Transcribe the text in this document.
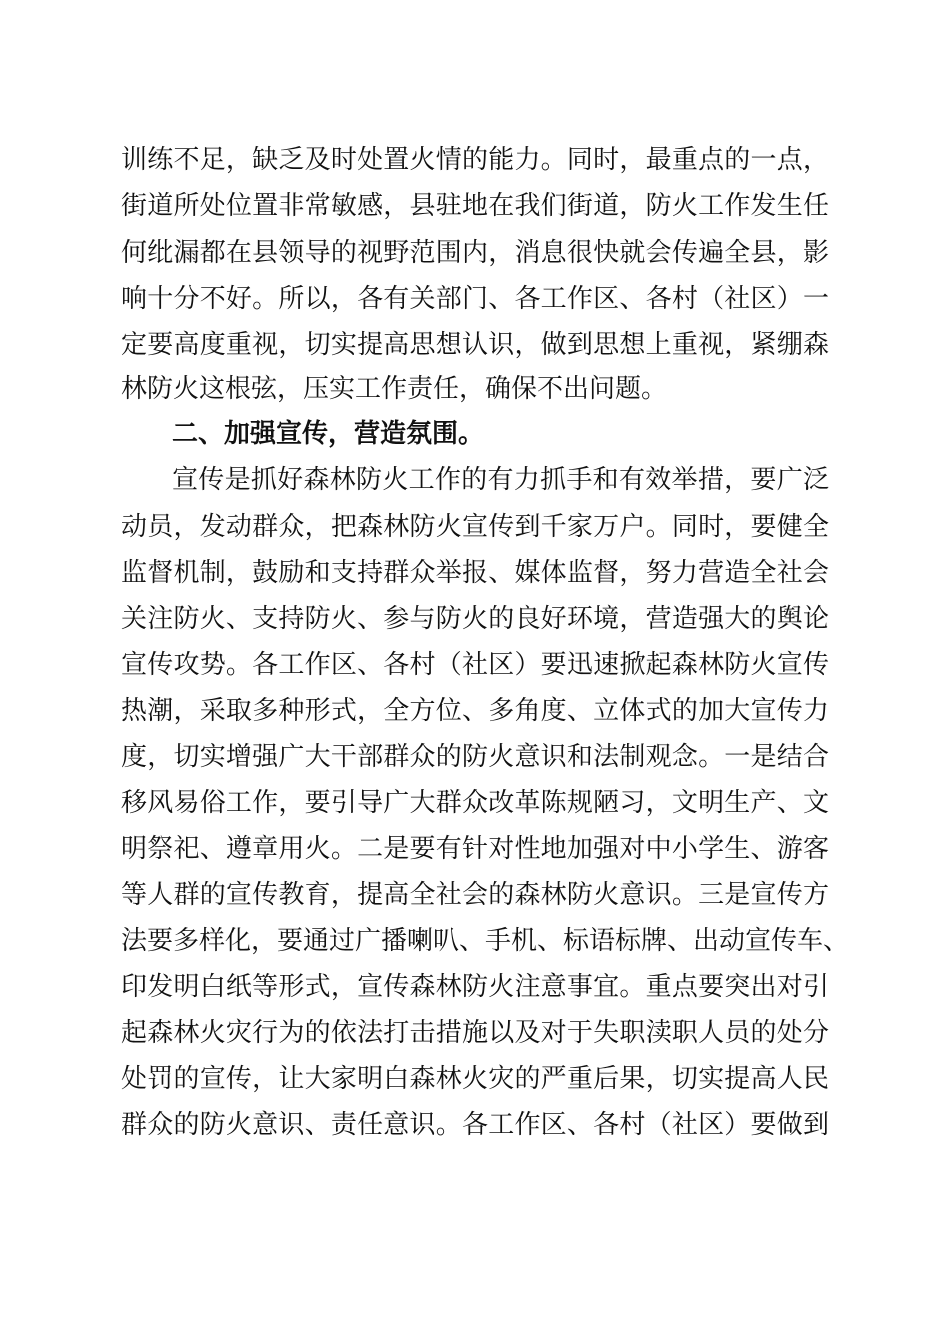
训练不足，缺乏及时处置火情的能力。同时，最重点的一点，
街道所处位置非常敏感，县驻地在我们街道，防火工作发生任
何纰漏都在县领导的视野范围内，消息很快就会传遍全县，影
响十分不好。所以，各有关部门、各工作区、各村（社区）一
定要高度重视，切实提高思想认识，做到思想上重视，紧绷森
林防火这根弦，压实工作责任，确保不出问题。
二、加强宣传，营造氛围。
宣传是抓好森林防火工作的有力抓手和有效举措，要广泛
动员，发动群众，把森林防火宣传到千家万户。同时，要健全
监督机制，鼓励和支持群众举报、媒体监督，努力营造全社会
关注防火、支持防火、参与防火的良好环境，营造强大的舆论
宣传攻势。各工作区、各村（社区）要迅速掀起森林防火宣传
热潮，采取多种形式，全方位、多角度、立体式的加大宣传力
度，切实增强广大干部群众的防火意识和法制观念。一是结合
移风易俗工作，要引导广大群众改革陈规陋习，文明生产、文
明祭祀、遵章用火。二是要有针对性地加强对中小学生、游客
等人群的宣传教育，提高全社会的森林防火意识。三是宣传方
法要多样化，要通过广播喇叭、手机、标语标牌、出动宣传车、
印发明白纸等形式，宣传森林防火注意事宜。重点要突出对引
起森林火灾行为的依法打击措施以及对于失职渎职人员的处分
处罚的宣传，让大家明白森林火灾的严重后果，切实提高人民
群众的防火意识、责任意识。各工作区、各村（社区）要做到
